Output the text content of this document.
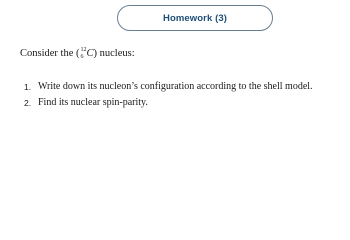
Homework (3)
Consider the ( 12
6 C) nucleus:
1. Write down its nucleon’s configuration according to the shell model.
2. Find its nuclear spin-parity.
